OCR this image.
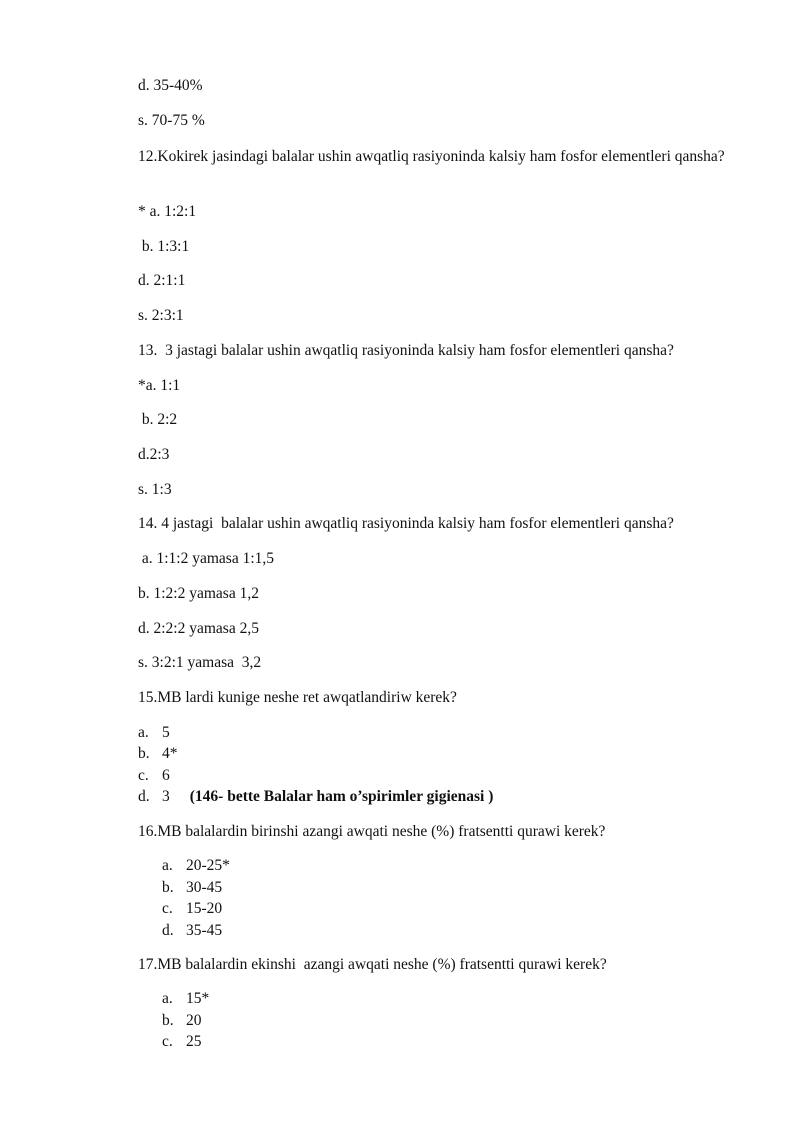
d. 35-40%
s. 70-75 %
12.Kokirek jasindagi balalar ushin awqatliq rasiyoninda kalsiy ham fosfor elementleri qansha?
* a. 1:2:1
b. 1:3:1
d. 2:1:1
s. 2:3:1
13.  3 jastagi balalar ushin awqatliq rasiyoninda kalsiy ham fosfor elementleri qansha?
*a. 1:1
b. 2:2
d.2:3
s. 1:3
14. 4 jastagi  balalar ushin awqatliq rasiyoninda kalsiy ham fosfor elementleri qansha?
a. 1:1:2 yamasa 1:1,5
b. 1:2:2 yamasa 1,2
d. 2:2:2 yamasa 2,5
s. 3:2:1 yamasa  3,2
15.MB lardi kunige neshe ret awqatlandiriw kerek?
a. 5
b. 4*
c. 6
d. 3 (146- bette Balalar ham o’spirimler gigienasi )
16.MB balalardin birinshi azangi awqati neshe (%) fratsentti qurawi kerek?
a. 20-25*
b. 30-45
c. 15-20
d. 35-45
17.MB balalardin ekinshi  azangi awqati neshe (%) fratsentti qurawi kerek?
a. 15*
b. 20
c. 25
